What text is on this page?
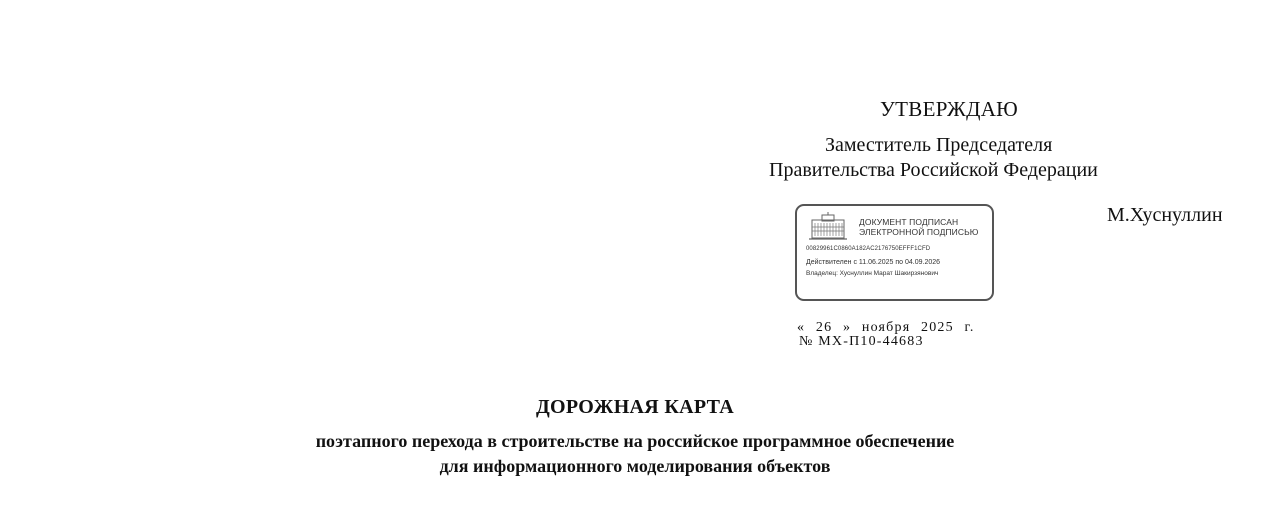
УТВЕРЖДАЮ
Заместитель Председателя
Правительства Российской Федерации
М.Хуснуллин
ДОКУМЕНТ ПОДПИСАН
ЭЛЕКТРОННОЙ ПОДПИСЬЮ
00829961C0860A182AC2176750EFFF1CFD
Действителен с 11.06.2025 по 04.09.2026
Владелец: Хуснуллин Марат Шакирзянович
« 26 » ноября 2025 г.
№ МХ-П10-44683
ДОРОЖНАЯ КАРТА
поэтапного перехода в строительстве на российское программное обеспечение
для информационного моделирования объектов
